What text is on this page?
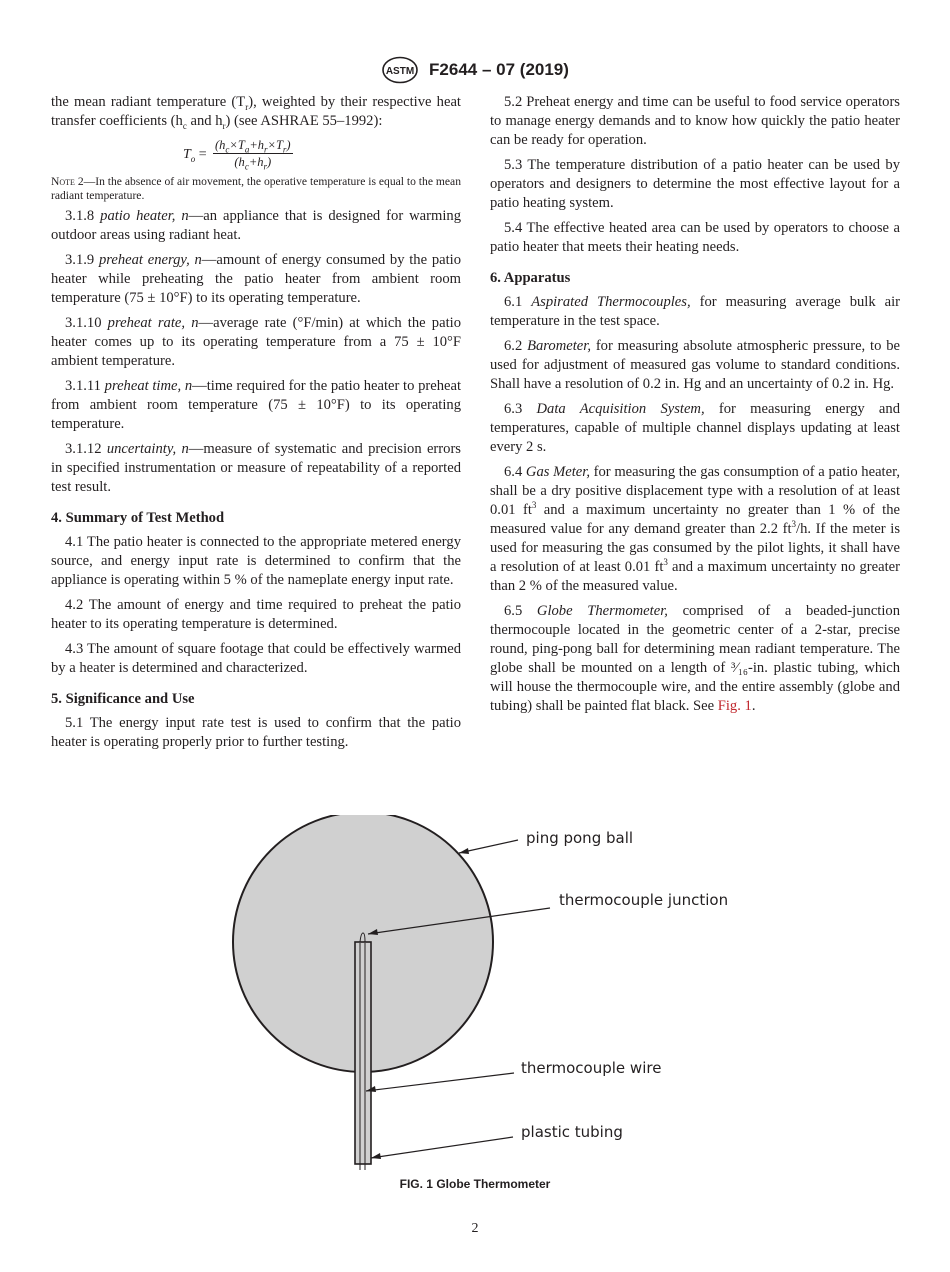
ASTM F2644 – 07 (2019)

the mean radiant temperature $(T_r)$, weighted by their respective heat transfer coefficients ($h_c$ and $h_r$) (see ASHRAE 55–1992):

$T_o = \frac{(h_c\times T_a+h_r\times T_r)}{(h_c+h_r)}$

Note 2—In the absence of air movement, the operative temperature is equal to the mean radiant temperature.

3.1.8 patio heater, n—an appliance that is designed for warming outdoor areas using radiant heat.

3.1.9 preheat energy, n—amount of energy consumed by the patio heater while preheating the patio heater from ambient room temperature (75 ± 10°F) to its operating temperature.

3.1.10 preheat rate, n—average rate (°F/min) at which the patio heater comes up to its operating temperature from a 75 ± 10°F ambient temperature.

3.1.11 preheat time, n—time required for the patio heater to preheat from ambient room temperature (75 ± 10°F) to its operating temperature.

3.1.12 uncertainty, n—measure of systematic and precision errors in specified instrumentation or measure of repeatability of a reported test result.

4. Summary of Test Method

4.1 The patio heater is connected to the appropriate metered energy source, and energy input rate is determined to confirm that the appliance is operating within 5 % of the nameplate energy input rate.

4.2 The amount of energy and time required to preheat the patio heater to its operating temperature is determined.

4.3 The amount of square footage that could be effectively warmed by a heater is determined and characterized.

5. Significance and Use

5.1 The energy input rate test is used to confirm that the patio heater is operating properly prior to further testing.

5.2 Preheat energy and time can be useful to food service operators to manage energy demands and to know how quickly the patio heater can be ready for operation.

5.3 The temperature distribution of a patio heater can be used by operators and designers to determine the most effective layout for a patio heating system.

5.4 The effective heated area can be used by operators to choose a patio heater that meets their heating needs.

6. Apparatus

6.1 Aspirated Thermocouples, for measuring average bulk air temperature in the test space.

6.2 Barometer, for measuring absolute atmospheric pressure, to be used for adjustment of measured gas volume to standard conditions. Shall have a resolution of 0.2 in. Hg and an uncertainty of 0.2 in. Hg.

6.3 Data Acquisition System, for measuring energy and temperatures, capable of multiple channel displays updating at least every 2 s.

6.4 Gas Meter, for measuring the gas consumption of a patio heater, shall be a dry positive displacement type with a resolution of at least 0.01 $ft^3$ and a maximum uncertainty no greater than 1 % of the measured value for any demand greater than 2.2 $ft^3/h$. If the meter is used for measuring the gas consumed by the pilot lights, it shall have a resolution of at least 0.01 $ft^3$ and a maximum uncertainty no greater than 2 % of the measured value.

6.5 Globe Thermometer, comprised of a beaded-junction thermocouple located in the geometric center of a 2-star, precise round, ping-pong ball for determining mean radiant temperature. The globe shall be mounted on a length of ³⁄₁₆-in. plastic tubing, which will house the thermocouple wire, and the entire assembly (globe and tubing) shall be painted flat black. See Fig. 1.

ping pong ball
thermocouple junction
thermocouple wire
plastic tubing
FIG. 1 Globe Thermometer
2
